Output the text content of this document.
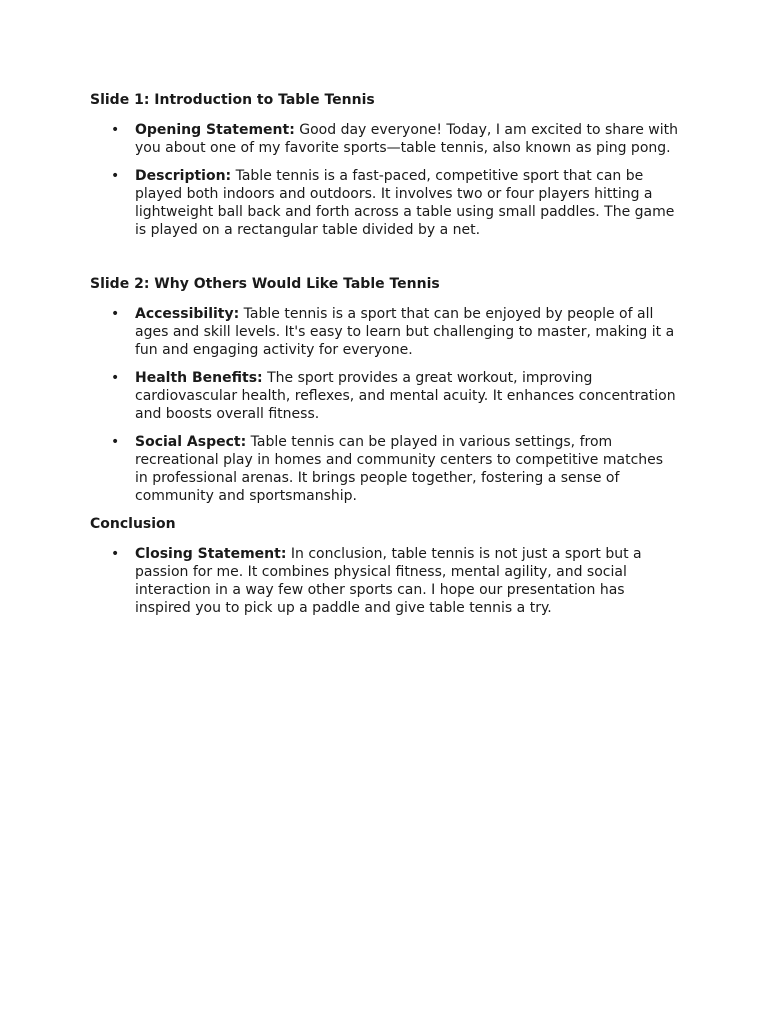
Slide 1: Introduction to Table Tennis
• Opening Statement: Good day everyone! Today, I am excited to share with you about one of my favorite sports—table tennis, also known as ping pong.
• Description: Table tennis is a fast-paced, competitive sport that can be played both indoors and outdoors. It involves two or four players hitting a lightweight ball back and forth across a table using small paddles. The game is played on a rectangular table divided by a net.
Slide 2: Why Others Would Like Table Tennis
• Accessibility: Table tennis is a sport that can be enjoyed by people of all ages and skill levels. It's easy to learn but challenging to master, making it a fun and engaging activity for everyone.
• Health Benefits: The sport provides a great workout, improving cardiovascular health, reflexes, and mental acuity. It enhances concentration and boosts overall fitness.
• Social Aspect: Table tennis can be played in various settings, from recreational play in homes and community centers to competitive matches in professional arenas. It brings people together, fostering a sense of community and sportsmanship.
Conclusion
• Closing Statement: In conclusion, table tennis is not just a sport but a passion for me. It combines physical fitness, mental agility, and social interaction in a way few other sports can. I hope our presentation has inspired you to pick up a paddle and give table tennis a try.
